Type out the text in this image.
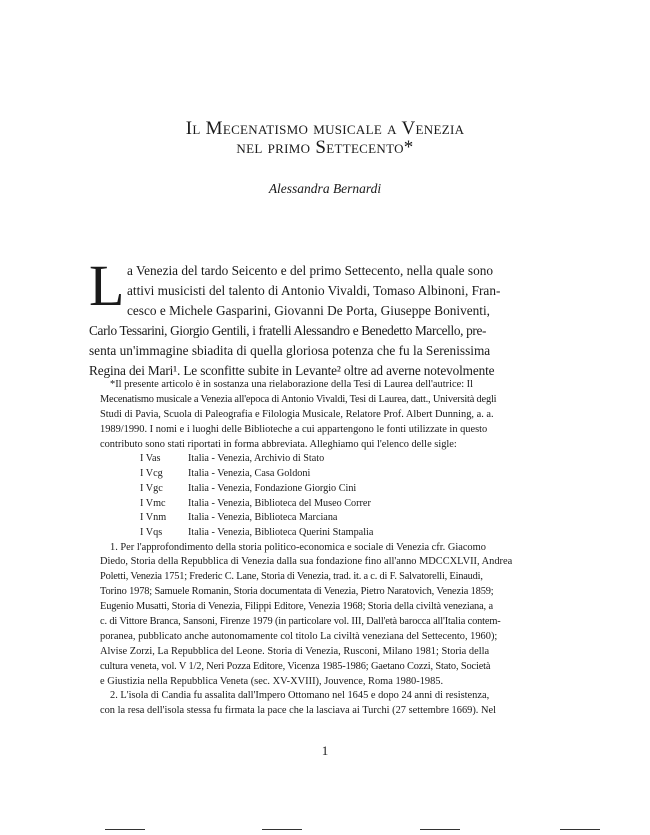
Il Mecenatismo musicale a Venezia
nel primo Settecento*
Alessandra Bernardi
L a Venezia del tardo Seicento e del primo Settecento, nella quale sono
attivi musicisti del talento di Antonio Vivaldi, Tomaso Albinoni, Fran-
cesco e Michele Gasparini, Giovanni De Porta, Giuseppe Boniventi,
Carlo Tessarini, Giorgio Gentili, i fratelli Alessandro e Benedetto Marcello, pre-
senta un'immagine sbiadita di quella gloriosa potenza che fu la Serenissima
Regina dei Mari¹. Le sconfitte subite in Levante² oltre ad averne notevolmente
*Il presente articolo è in sostanza una rielaborazione della Tesi di Laurea dell'autrice: Il
Mecenatismo musicale a Venezia all'epoca di Antonio Vivaldi, Tesi di Laurea, datt., Università degli
Studi di Pavia, Scuola di Paleografia e Filologia Musicale, Relatore Prof. Albert Dunning, a. a.
1989/1990. I nomi e i luoghi delle Biblioteche a cui appartengono le fonti utilizzate in questo
contributo sono stati riportati in forma abbreviata. Alleghiamo qui l'elenco delle sigle:
I Vas	Italia - Venezia, Archivio di Stato
I Vcg	Italia - Venezia, Casa Goldoni
I Vgc	Italia - Venezia, Fondazione Giorgio Cini
I Vmc	Italia - Venezia, Biblioteca del Museo Correr
I Vnm	Italia - Venezia, Biblioteca Marciana
I Vqs	Italia - Venezia, Biblioteca Querini Stampalia
1. Per l'approfondimento della storia politico-economica e sociale di Venezia cfr. Giacomo
Diedo, Storia della Repubblica di Venezia dalla sua fondazione fino all'anno MDCCXLVII, Andrea
Poletti, Venezia 1751; Frederic C. Lane, Storia di Venezia, trad. it. a c. di F. Salvatorelli, Einaudi,
Torino 1978; Samuele Romanin, Storia documentata di Venezia, Pietro Naratovich, Venezia 1859;
Eugenio Musatti, Storia di Venezia, Filippi Editore, Venezia 1968; Storia della civiltà veneziana, a
c. di Vittore Branca, Sansoni, Firenze 1979 (in particolare vol. III, Dall'età barocca all'Italia contem-
poranea, pubblicato anche autonomamente col titolo La civiltà veneziana del Settecento, 1960);
Alvise Zorzi, La Repubblica del Leone. Storia di Venezia, Rusconi, Milano 1981; Storia della
cultura veneta, vol. V 1/2, Neri Pozza Editore, Vicenza 1985-1986; Gaetano Cozzi, Stato, Società
e Giustizia nella Repubblica Veneta (sec. XV-XVIII), Jouvence, Roma 1980-1985.
2. L'isola di Candia fu assalita dall'Impero Ottomano nel 1645 e dopo 24 anni di resistenza,
con la resa dell'isola stessa fu firmata la pace che la lasciava ai Turchi (27 settembre 1669). Nel
1
